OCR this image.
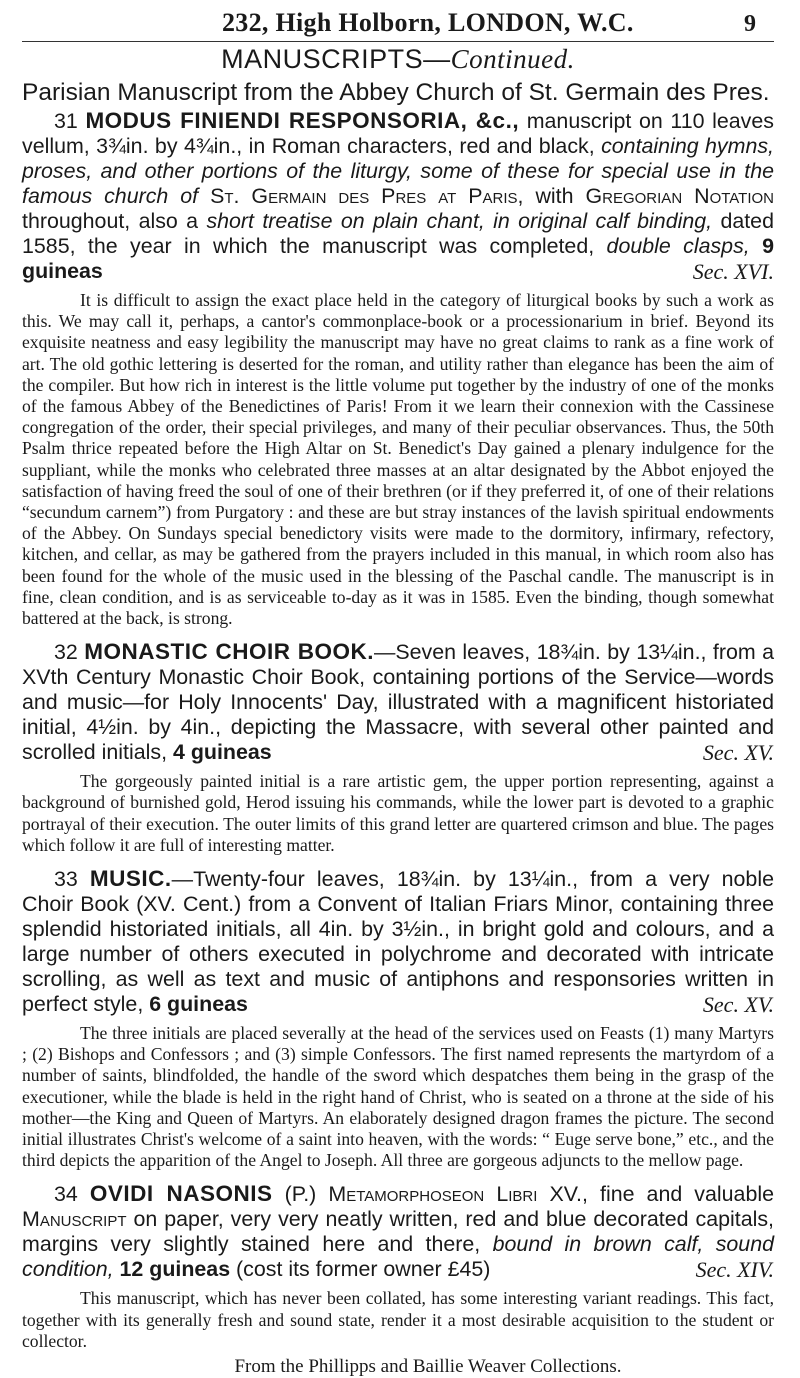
232, High Holborn, LONDON, W.C.	9
MANUSCRIPTS—Continued.
Parisian Manuscript from the Abbey Church of St. Germain des Pres.
31 MODUS FINIENDI RESPONSORIA, &c., manuscript on 110 leaves vellum, 3¾in. by 4¾in., in Roman characters, red and black, containing hymns, proses, and other portions of the liturgy, some of these for special use in the famous church of St. Germain des Pres at Paris, with Gregorian Notation throughout, also a short treatise on plain chant, in original calf binding, dated 1585, the year in which the manuscript was completed, double clasps, 9 guineas	Sec. XVI.

It is difficult to assign the exact place held in the category of liturgical books by such a work as this. We may call it, perhaps, a cantor's commonplace-book or a processionarium in brief. Beyond its exquisite neatness and easy legibility the manuscript may have no great claims to rank as a fine work of art. The old gothic lettering is deserted for the roman, and utility rather than elegance has been the aim of the compiler. But how rich in interest is the little volume put together by the industry of one of the monks of the famous Abbey of the Benedictines of Paris! From it we learn their connexion with the Cassinese congregation of the order, their special privileges, and many of their peculiar observances. Thus, the 50th Psalm thrice repeated before the High Altar on St. Benedict's Day gained a plenary indulgence for the suppliant, while the monks who celebrated three masses at an altar designated by the Abbot enjoyed the satisfaction of having freed the soul of one of their brethren (or if they preferred it, of one of their relations “secundum carnem”) from Purgatory : and these are but stray instances of the lavish spiritual endowments of the Abbey. On Sundays special benedictory visits were made to the dormitory, infirmary, refectory, kitchen, and cellar, as may be gathered from the prayers included in this manual, in which room also has been found for the whole of the music used in the blessing of the Paschal candle. The manuscript is in fine, clean condition, and is as serviceable to-day as it was in 1585. Even the binding, though somewhat battered at the back, is strong.

32 MONASTIC CHOIR BOOK.—Seven leaves, 18¾in. by 13¼in., from a XVth Century Monastic Choir Book, containing portions of the Service—words and music—for Holy Innocents' Day, illustrated with a magnificent historiated initial, 4½in. by 4in., depicting the Massacre, with several other painted and scrolled initials, 4 guineas	Sec. XV.

The gorgeously painted initial is a rare artistic gem, the upper portion representing, against a background of burnished gold, Herod issuing his commands, while the lower part is devoted to a graphic portrayal of their execution. The outer limits of this grand letter are quartered crimson and blue. The pages which follow it are full of interesting matter.

33 MUSIC.—Twenty-four leaves, 18¾in. by 13¼in., from a very noble Choir Book (XV. Cent.) from a Convent of Italian Friars Minor, containing three splendid historiated initials, all 4in. by 3½in., in bright gold and colours, and a large number of others executed in polychrome and decorated with intricate scrolling, as well as text and music of antiphons and responsories written in perfect style, 6 guineas	Sec. XV.

The three initials are placed severally at the head of the services used on Feasts (1) many Martyrs ; (2) Bishops and Confessors ; and (3) simple Confessors. The first named represents the martyrdom of a number of saints, blindfolded, the handle of the sword which despatches them being in the grasp of the executioner, while the blade is held in the right hand of Christ, who is seated on a throne at the side of his mother—the King and Queen of Martyrs. An elaborately designed dragon frames the picture. The second initial illustrates Christ's welcome of a saint into heaven, with the words: “ Euge serve bone,” etc., and the third depicts the apparition of the Angel to Joseph. All three are gorgeous adjuncts to the mellow page.

34 OVIDI NASONIS (P.) Metamorphoseon Libri XV., fine and valuable Manuscript on paper, very very neatly written, red and blue decorated capitals, margins very slightly stained here and there, bound in brown calf, sound condition, 12 guineas (cost its former owner £45)	Sec. XIV.

This manuscript, which has never been collated, has some interesting variant readings. This fact, together with its generally fresh and sound state, render it a most desirable acquisition to the student or collector.

From the Phillipps and Baillie Weaver Collections.
